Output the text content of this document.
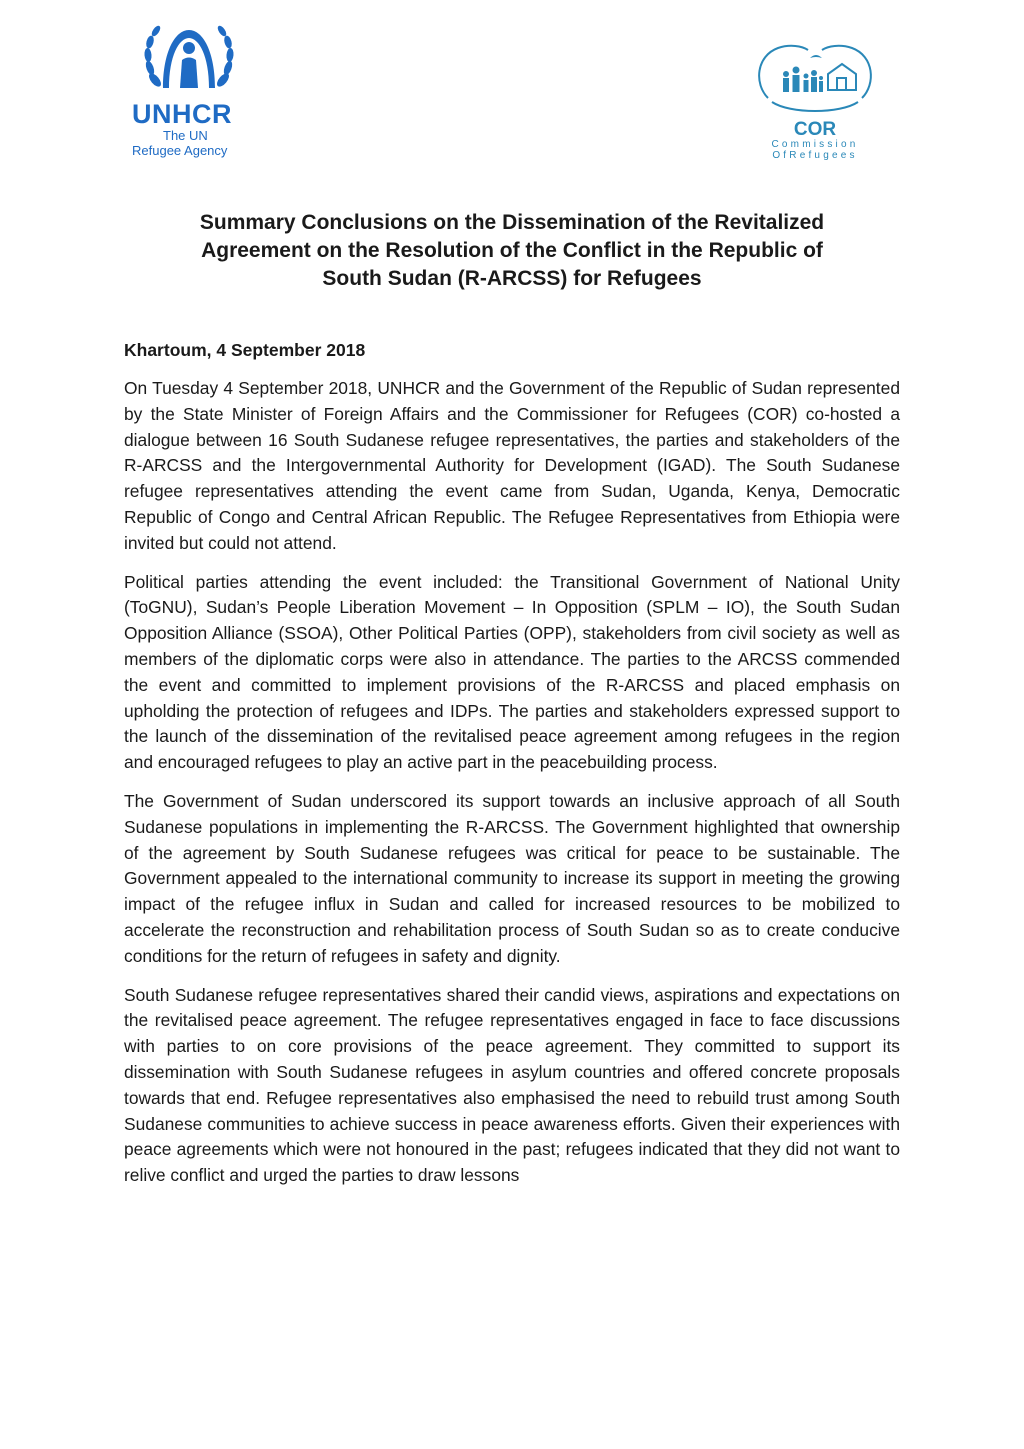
UNHCR
The UN
Refugee Agency
COR
Commission
OfRefugees
Summary Conclusions on the Dissemination of the Revitalized
Agreement on the Resolution of the Conflict in the Republic of
South Sudan (R-ARCSS) for Refugees

Khartoum, 4 September 2018

On Tuesday 4 September 2018, UNHCR and the Government of the Republic of Sudan represented by the State Minister of Foreign Affairs and the Commissioner for Refugees (COR) co-hosted a dialogue between 16 South Sudanese refugee representatives, the parties and stakeholders of the R-ARCSS and the Intergovernmental Authority for Development (IGAD). The South Sudanese refugee representatives attending the event came from Sudan, Uganda, Kenya, Democratic Republic of Congo and Central African Republic. The Refugee Representatives from Ethiopia were invited but could not attend.

Political parties attending the event included: the Transitional Government of National Unity (ToGNU), Sudan’s People Liberation Movement – In Opposition (SPLM – IO), the South Sudan Opposition Alliance (SSOA), Other Political Parties (OPP), stakeholders from civil society as well as members of the diplomatic corps were also in attendance. The parties to the ARCSS commended the event and committed to implement provisions of the R-ARCSS and placed emphasis on upholding the protection of refugees and IDPs. The parties and stakeholders expressed support to the launch of the dissemination of the revitalised peace agreement among refugees in the region and encouraged refugees to play an active part in the peacebuilding process.

The Government of Sudan underscored its support towards an inclusive approach of all South Sudanese populations in implementing the R-ARCSS. The Government highlighted that ownership of the agreement by South Sudanese refugees was critical for peace to be sustainable. The Government appealed to the international community to increase its support in meeting the growing impact of the refugee influx in Sudan and called for increased resources to be mobilized to accelerate the reconstruction and rehabilitation process of South Sudan so as to create conducive conditions for the return of refugees in safety and dignity.

South Sudanese refugee representatives shared their candid views, aspirations and expectations on the revitalised peace agreement. The refugee representatives engaged in face to face discussions with parties to on core provisions of the peace agreement. They committed to support its dissemination with South Sudanese refugees in asylum countries and offered concrete proposals towards that end. Refugee representatives also emphasised the need to rebuild trust among South Sudanese communities to achieve success in peace awareness efforts. Given their experiences with peace agreements which were not honoured in the past; refugees indicated that they did not want to relive conflict and urged the parties to draw lessons
